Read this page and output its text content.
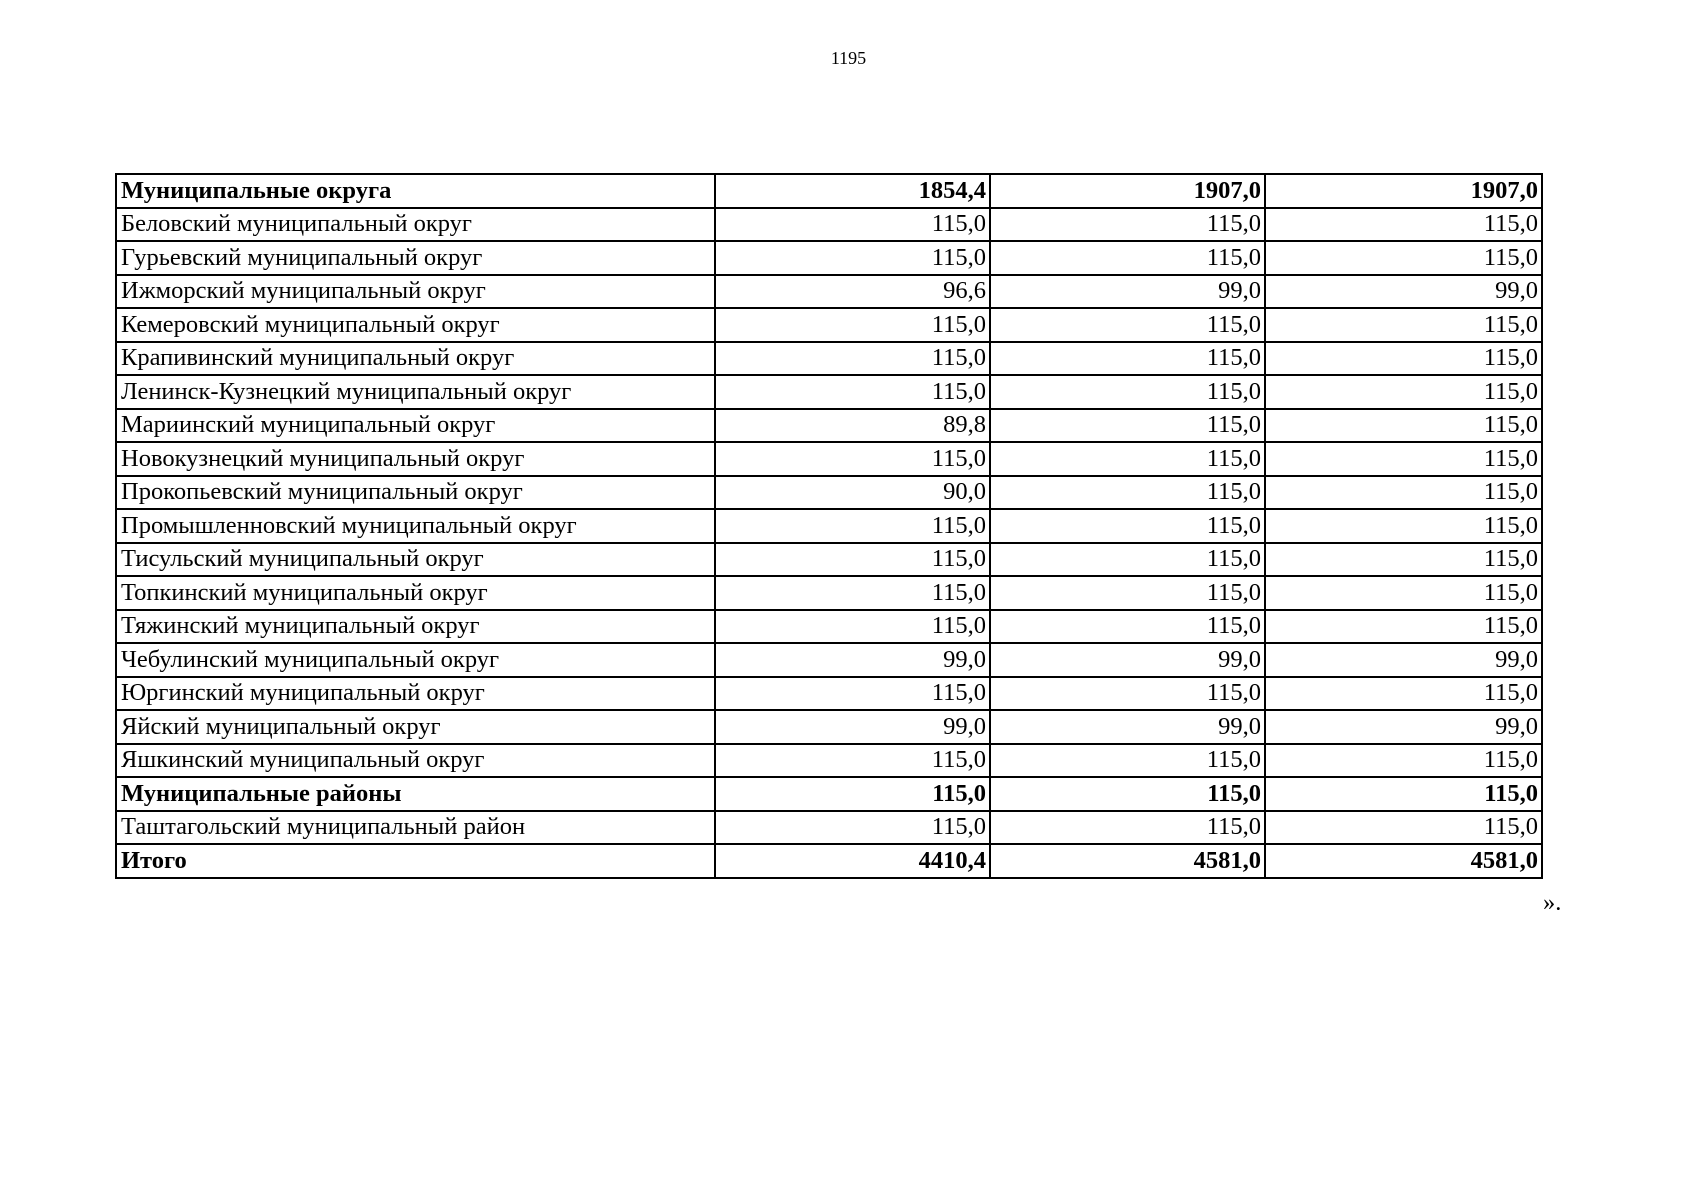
1195
Муниципальные округа	1854,4	1907,0	1907,0
Беловский муниципальный округ	115,0	115,0	115,0
Гурьевский муниципальный округ	115,0	115,0	115,0
Ижморский муниципальный округ	96,6	99,0	99,0
Кемеровский муниципальный округ	115,0	115,0	115,0
Крапивинский муниципальный округ	115,0	115,0	115,0
Ленинск-Кузнецкий муниципальный округ	115,0	115,0	115,0
Мариинский муниципальный округ	89,8	115,0	115,0
Новокузнецкий муниципальный округ	115,0	115,0	115,0
Прокопьевский муниципальный округ	90,0	115,0	115,0
Промышленновский муниципальный округ	115,0	115,0	115,0
Тисульский муниципальный округ	115,0	115,0	115,0
Топкинский муниципальный округ	115,0	115,0	115,0
Тяжинский муниципальный округ	115,0	115,0	115,0
Чебулинский муниципальный округ	99,0	99,0	99,0
Юргинский муниципальный округ	115,0	115,0	115,0
Яйский муниципальный округ	99,0	99,0	99,0
Яшкинский муниципальный округ	115,0	115,0	115,0
Муниципальные районы	115,0	115,0	115,0
Таштагольский муниципальный район	115,0	115,0	115,0
Итого	4410,4	4581,0	4581,0
».
